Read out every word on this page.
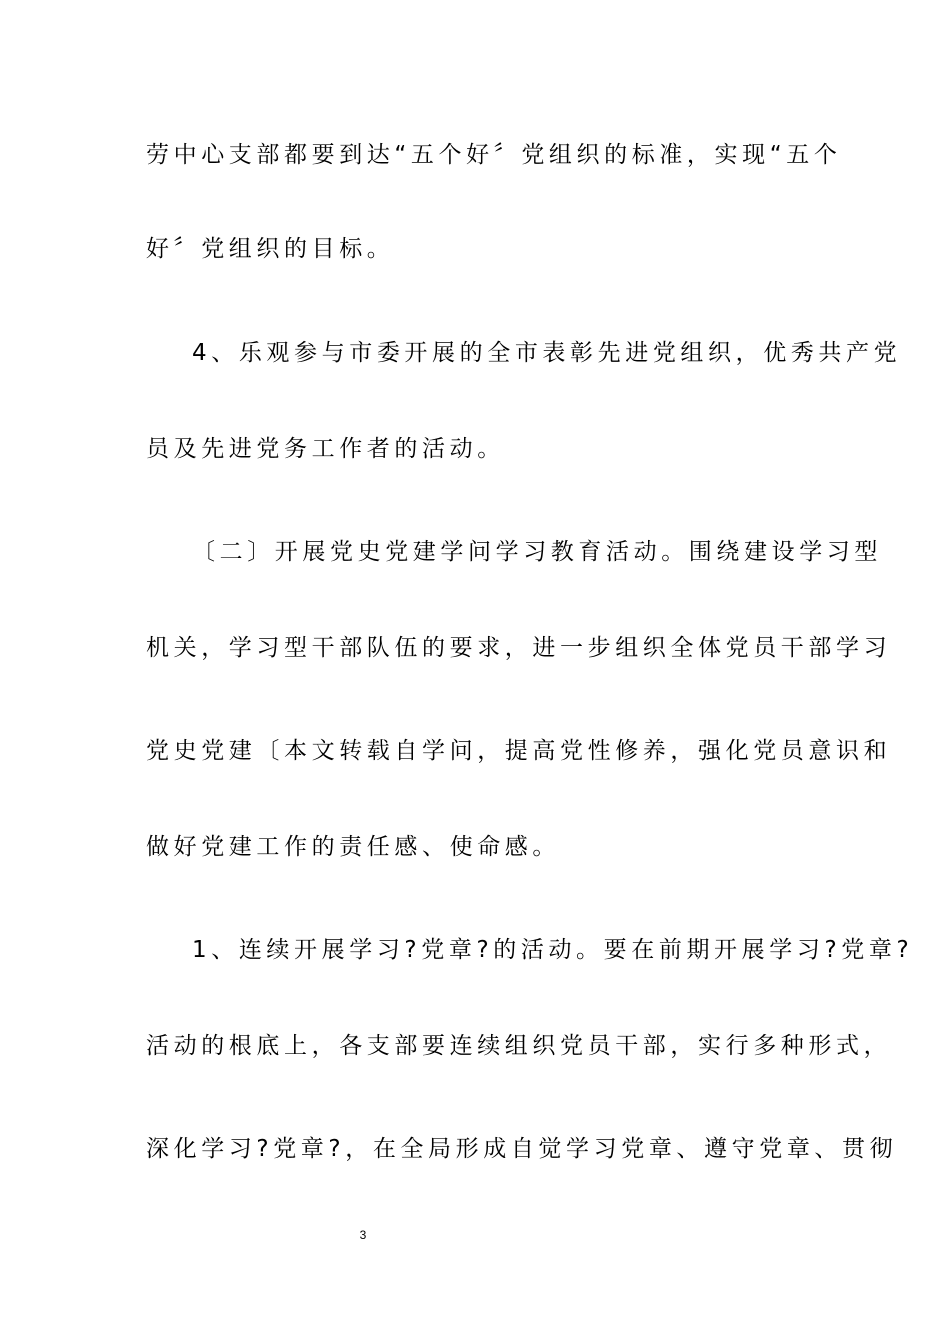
劳中心支部都要到达“五个好〞党组织的标准，实现“五个
好〞党组织的目标。
4、乐观参与市委开展的全市表彰先进党组织，优秀共产党
员及先进党务工作者的活动。
〔二〕开展党史党建学问学习教育活动。围绕建设学习型
机关，学习型干部队伍的要求，进一步组织全体党员干部学习
党史党建〔本文转载自学问，提高党性修养，强化党员意识和
做好党建工作的责任感、使命感。
1、连续开展学习?党章?的活动。要在前期开展学习?党章?
活动的根底上，各支部要连续组织党员干部，实行多种形式，
深化学习?党章?，在全局形成自觉学习党章、遵守党章、贯彻
3
